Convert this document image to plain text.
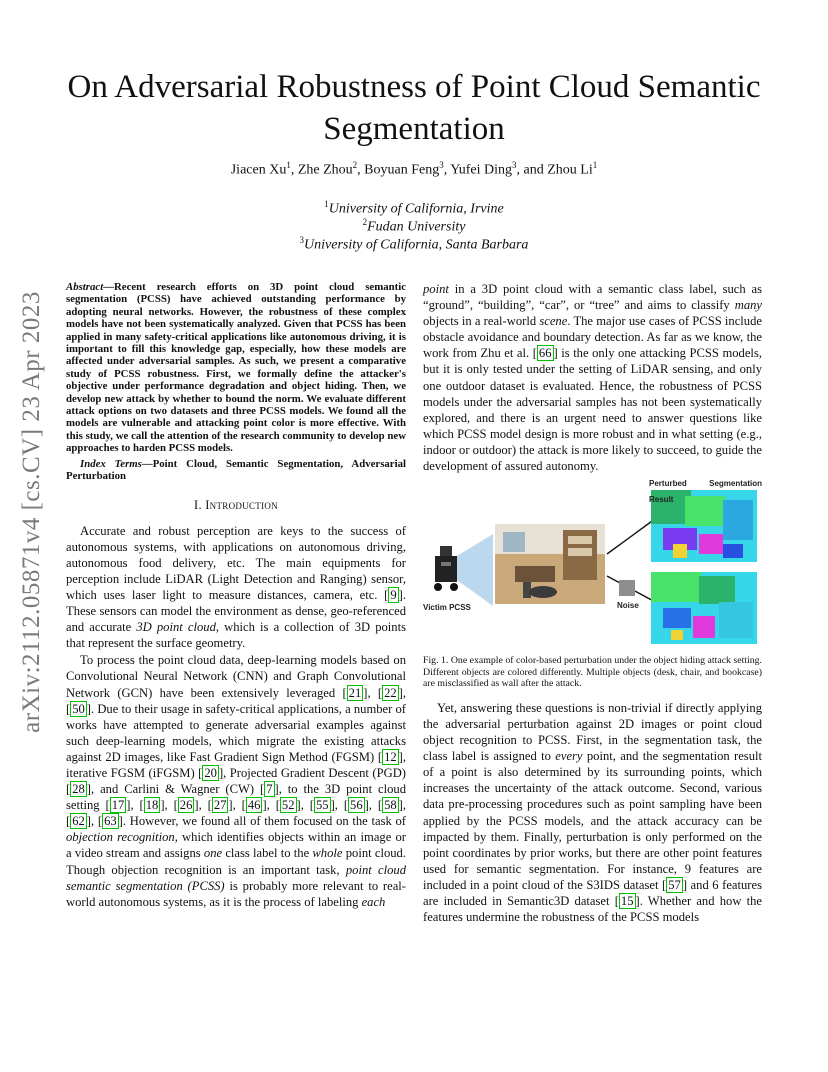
arXiv:2112.05871v4 [cs.CV] 23 Apr 2023
On Adversarial Robustness of Point Cloud Semantic
Segmentation
Jiacen Xu$^1$, Zhe Zhou$^2$, Boyuan Feng$^3$, Yufei Ding$^3$, and Zhou Li$^1$
$^1$University of California, Irvine
$^2$Fudan University
$^3$University of California, Santa Barbara
Abstract—Recent research efforts on 3D point cloud semantic segmentation (PCSS) have achieved outstanding performance by adopting neural networks. However, the robustness of these complex models have not been systematically analyzed. Given that PCSS has been applied in many safety-critical applications like autonomous driving, it is important to fill this knowledge gap, especially, how these models are affected under adversarial samples. As such, we present a comparative study of PCSS robustness. First, we formally define the attacker's objective under performance degradation and object hiding. Then, we develop new attack by whether to bound the norm. We evaluate different attack options on two datasets and three PCSS models. We found all the models are vulnerable and attacking point color is more effective. With this study, we call the attention of the research community to develop new approaches to harden PCSS models.
Index Terms—Point Cloud, Semantic Segmentation, Adversarial Perturbation
I. Introduction

Accurate and robust perception are keys to the success of autonomous systems, with applications on autonomous driving, autonomous food delivery, etc. The main equipments for perception include LiDAR (Light Detection and Ranging) sensor, which uses laser light to measure distances, camera, etc. [ 9 ]. These sensors can model the environment as dense, geo-referenced and accurate 3D point cloud, which is a collection of 3D points that represent the surface geometry.

To process the point cloud data, deep-learning models based on Convolutional Neural Network (CNN) and Graph Convolutional Network (GCN) have been extensively leveraged [ 21 ], [ 22 ], [ 50 ]. Due to their usage in safety-critical applications, a number of works have attempted to generate adversarial examples against such deep-learning models, which migrate the existing attacks against 2D images, like Fast Gradient Sign Method (FGSM) [ 12 ], iterative FGSM (iFGSM) [ 20 ], Projected Gradient Descent (PGD) [ 28 ], and Carlini & Wagner (CW) [ 7 ], to the 3D point cloud setting [ 17 ], [ 18 ], [ 26 ], [ 27 ], [ 46 ], [ 52 ], [ 55 ], [ 56 ], [ 58 ], [ 62 ], [ 63 ]. However, we found all of them focused on the task of objection recognition, which identifies objects within an image or a video stream and assigns one class label to the whole point cloud. Though objection recognition is an important task, point cloud semantic segmentation (PCSS) is probably more relevant to real-world autonomous systems, as it is the process of labeling each

point in a 3D point cloud with a semantic class label, such as “ground”, “building”, “car”, or “tree” and aims to classify many objects in a real-world scene. The major use cases of PCSS include obstacle avoidance and boundary detection. As far as we know, the work from Zhu et al. [ 66 ] is the only one attacking PCSS models, but it is only tested under the setting of LiDAR sensing, and only one outdoor dataset is evaluated. Hence, the robustness of PCSS models under the adversarial samples has not been systematically explored, and there is an urgent need to answer questions like which PCSS model design is more robust and in what setting (e.g., indoor or outdoor) the attack is more likely to succeed, to guide the development of assured autonomy.

Perturbed Segmentation Result
Victim PCSS	Noise
Fig. 1. One example of color-based perturbation under the object hiding attack setting. Different objects are colored differently. Multiple objects (desk, chair, and bookcase) are misclassified as wall after the attack.

Yet, answering these questions is non-trivial if directly applying the adversarial perturbation against 2D images or point cloud object recognition to PCSS. First, in the segmentation task, the class label is assigned to every point, and the segmentation result of a point is also determined by its surrounding points, which increases the uncertainty of the attack outcome. Second, various data pre-processing procedures such as point sampling have been applied by the PCSS models, and the attack accuracy can be impacted by them. Finally, perturbation is only performed on the point coordinates by prior works, but there are other point features used for semantic segmentation. For instance, 9 features are included in a point cloud of the S3IDS dataset [ 57 ] and 6 features are included in Semantic3D dataset [ 15 ]. Whether and how the features undermine the robustness of the PCSS models
